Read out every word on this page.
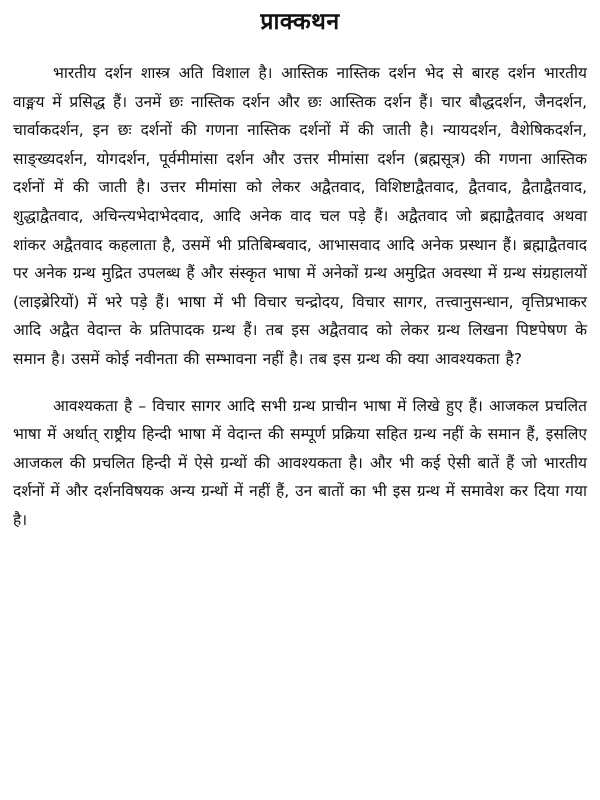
प्राक्कथन

भारतीय दर्शन शास्त्र अति विशाल है। आस्तिक नास्तिक दर्शन भेद से बारह दर्शन भारतीय वाङ्मय में प्रसिद्ध हैं। उनमें छः नास्तिक दर्शन और छः आस्तिक दर्शन हैं। चार बौद्धदर्शन, जैनदर्शन, चार्वाकदर्शन, इन छः दर्शनों की गणना नास्तिक दर्शनों में की जाती है। न्यायदर्शन, वैशेषिकदर्शन, साङ्ख्यदर्शन, योगदर्शन, पूर्वमीमांसा दर्शन और उत्तर मीमांसा दर्शन (ब्रह्मसूत्र) की गणना आस्तिक दर्शनों में की जाती है। उत्तर मीमांसा को लेकर अद्वैतवाद, विशिष्टाद्वैतवाद, द्वैतवाद, द्वैताद्वैतवाद, शुद्धाद्वैतवाद, अचिन्त्यभेदाभेदवाद, आदि अनेक वाद चल पड़े हैं। अद्वैतवाद जो ब्रह्माद्वैतवाद अथवा शांकर अद्वैतवाद कहलाता है, उसमें भी प्रतिबिम्बवाद, आभासवाद आदि अनेक प्रस्थान हैं। ब्रह्माद्वैतवाद पर अनेक ग्रन्थ मुद्रित उपलब्ध हैं और संस्कृत भाषा में अनेकों ग्रन्थ अमुद्रित अवस्था में ग्रन्थ संग्रहालयों (लाइब्रेरियों) में भरे पड़े हैं। भाषा में भी विचार चन्द्रोदय, विचार सागर, तत्त्वानुसन्धान, वृत्तिप्रभाकर आदि अद्वैत वेदान्त के प्रतिपादक ग्रन्थ हैं। तब इस अद्वैतवाद को लेकर ग्रन्थ लिखना पिष्टपेषण के समान है। उसमें कोई नवीनता की सम्भावना नहीं है। तब इस ग्रन्थ की क्या आवश्यकता है?

आवश्यकता है – विचार सागर आदि सभी ग्रन्थ प्राचीन भाषा में लिखे हुए हैं। आजकल प्रचलित भाषा में अर्थात् राष्ट्रीय हिन्दी भाषा में वेदान्त की सम्पूर्ण प्रक्रिया सहित ग्रन्थ नहीं के समान हैं, इसलिए आजकल की प्रचलित हिन्दी में ऐसे ग्रन्थों की आवश्यकता है। और भी कई ऐसी बातें हैं जो भारतीय दर्शनों में और दर्शनविषयक अन्य ग्रन्थों में नहीं हैं, उन बातों का भी इस ग्रन्थ में समावेश कर दिया गया है।
